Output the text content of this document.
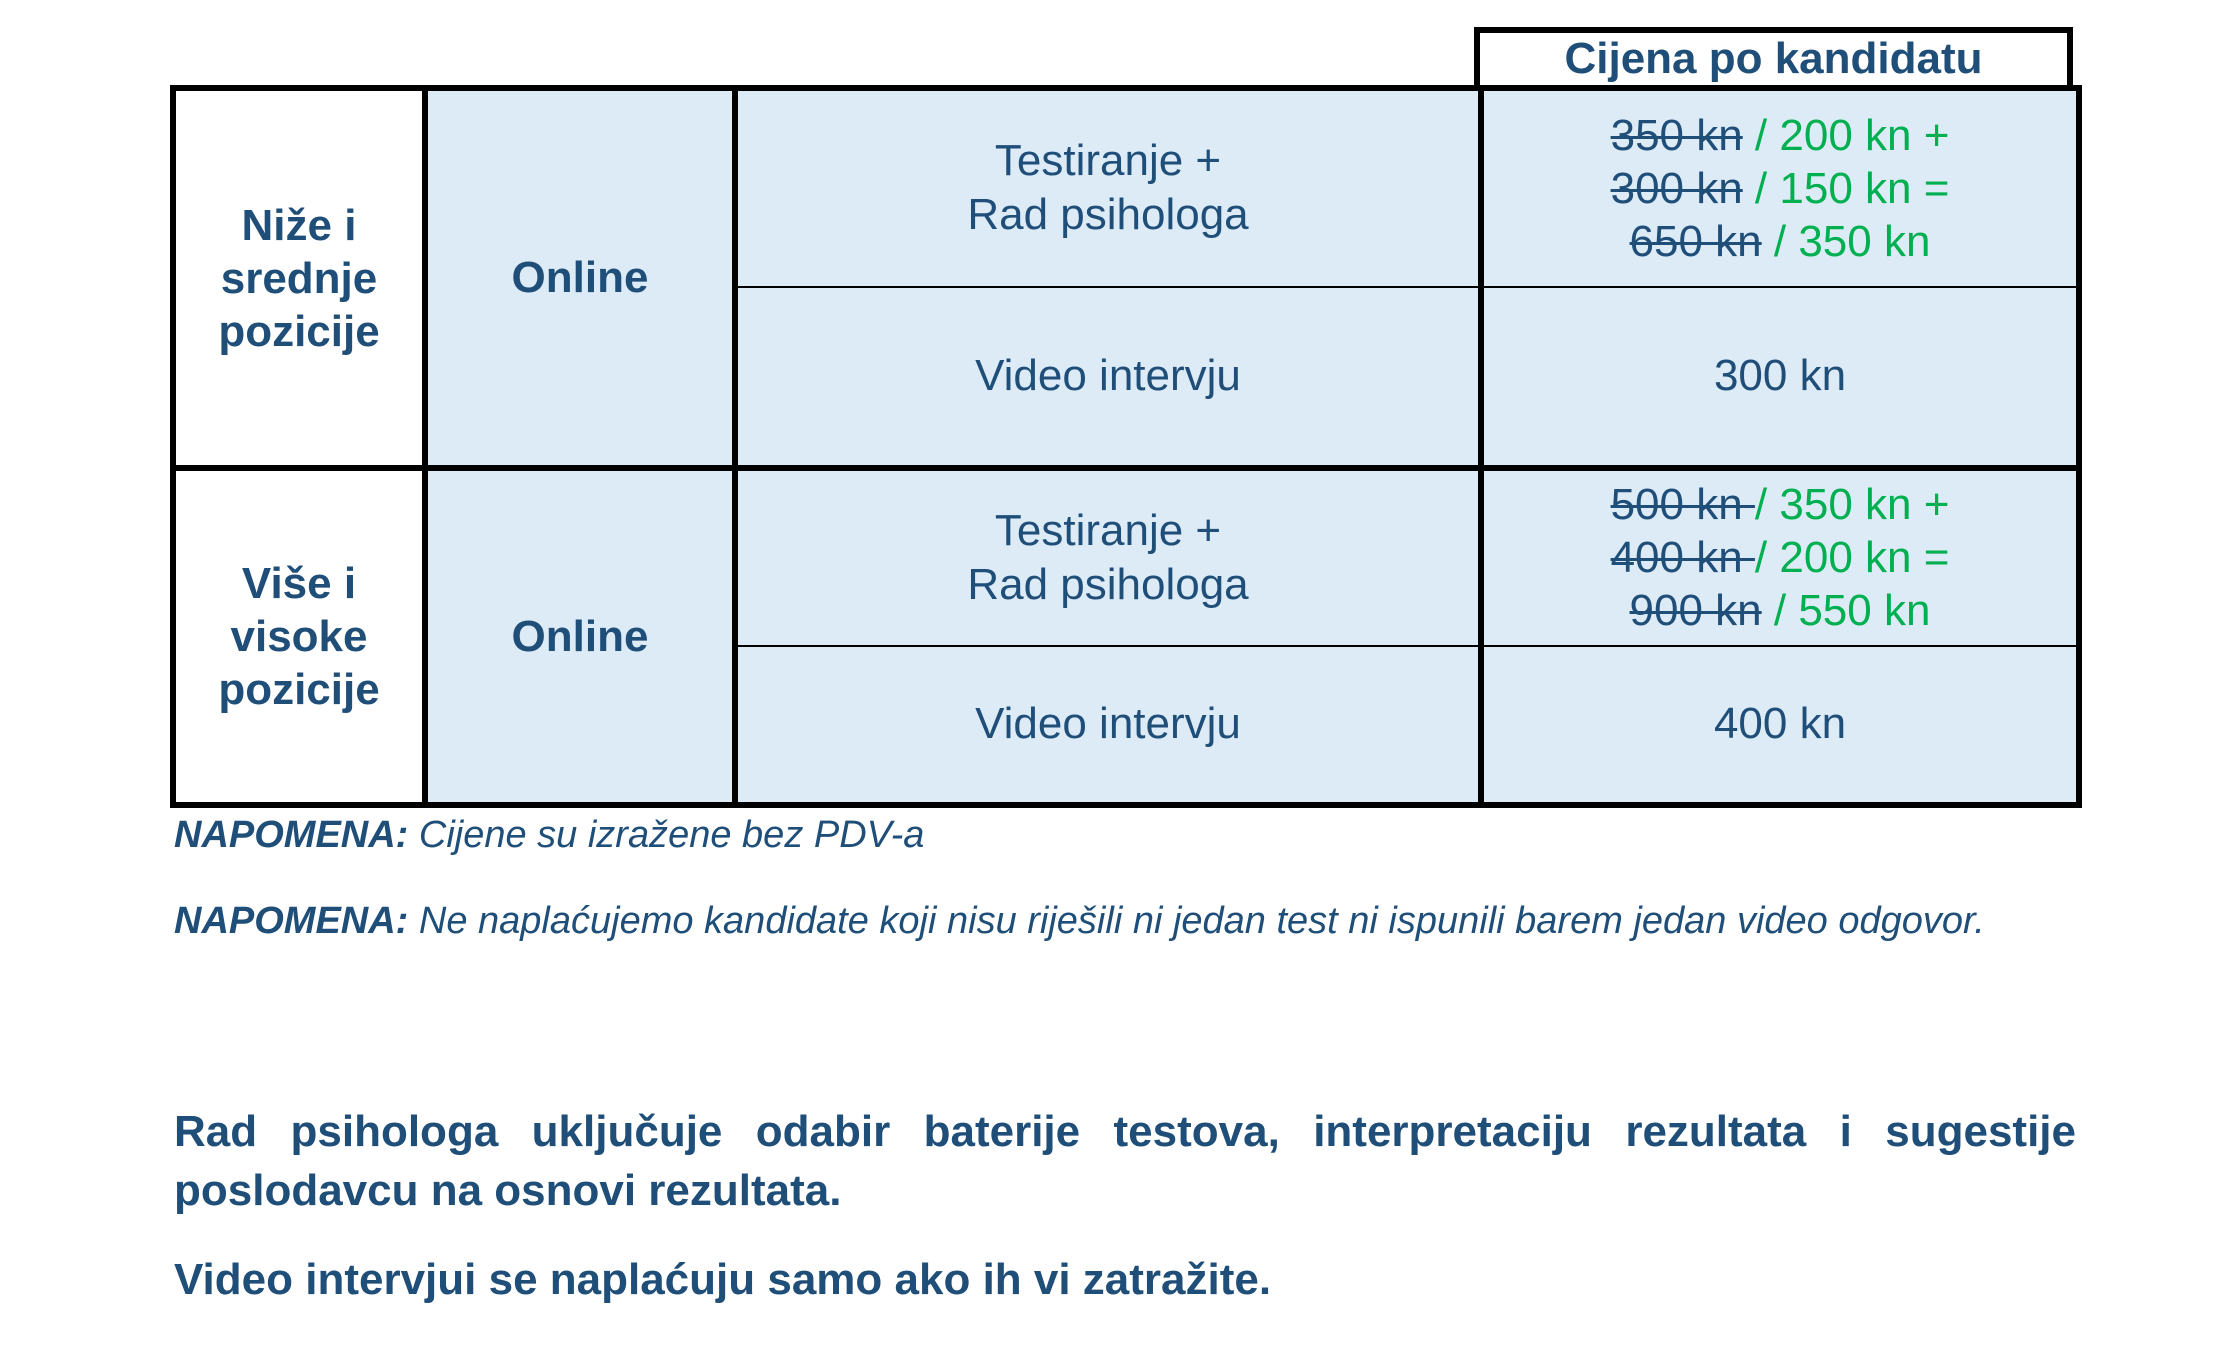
Cijena po kandidatu
Niže i
srednje
pozicije	Online	Testiranje +
Rad psihologa	350 kn / 200 kn +
300 kn / 150 kn =
650 kn / 350 kn

		Video intervju	300 kn
Više i
visoke
pozicije	Online	Testiranje +
Rad psihologa	500 kn / 350 kn +
400 kn / 200 kn =
900 kn / 550 kn

		Video intervju	400 kn
NAPOMENA: Cijene su izražene bez PDV-a
NAPOMENA: Ne naplaćujemo kandidate koji nisu riješili ni jedan test ni ispunili barem jedan video odgovor.
Rad psihologa uključuje odabir baterije testova, interpretaciju rezultata i sugestije poslodavcu na osnovi rezultata.
Video intervjui se naplaćuju samo ako ih vi zatražite.
